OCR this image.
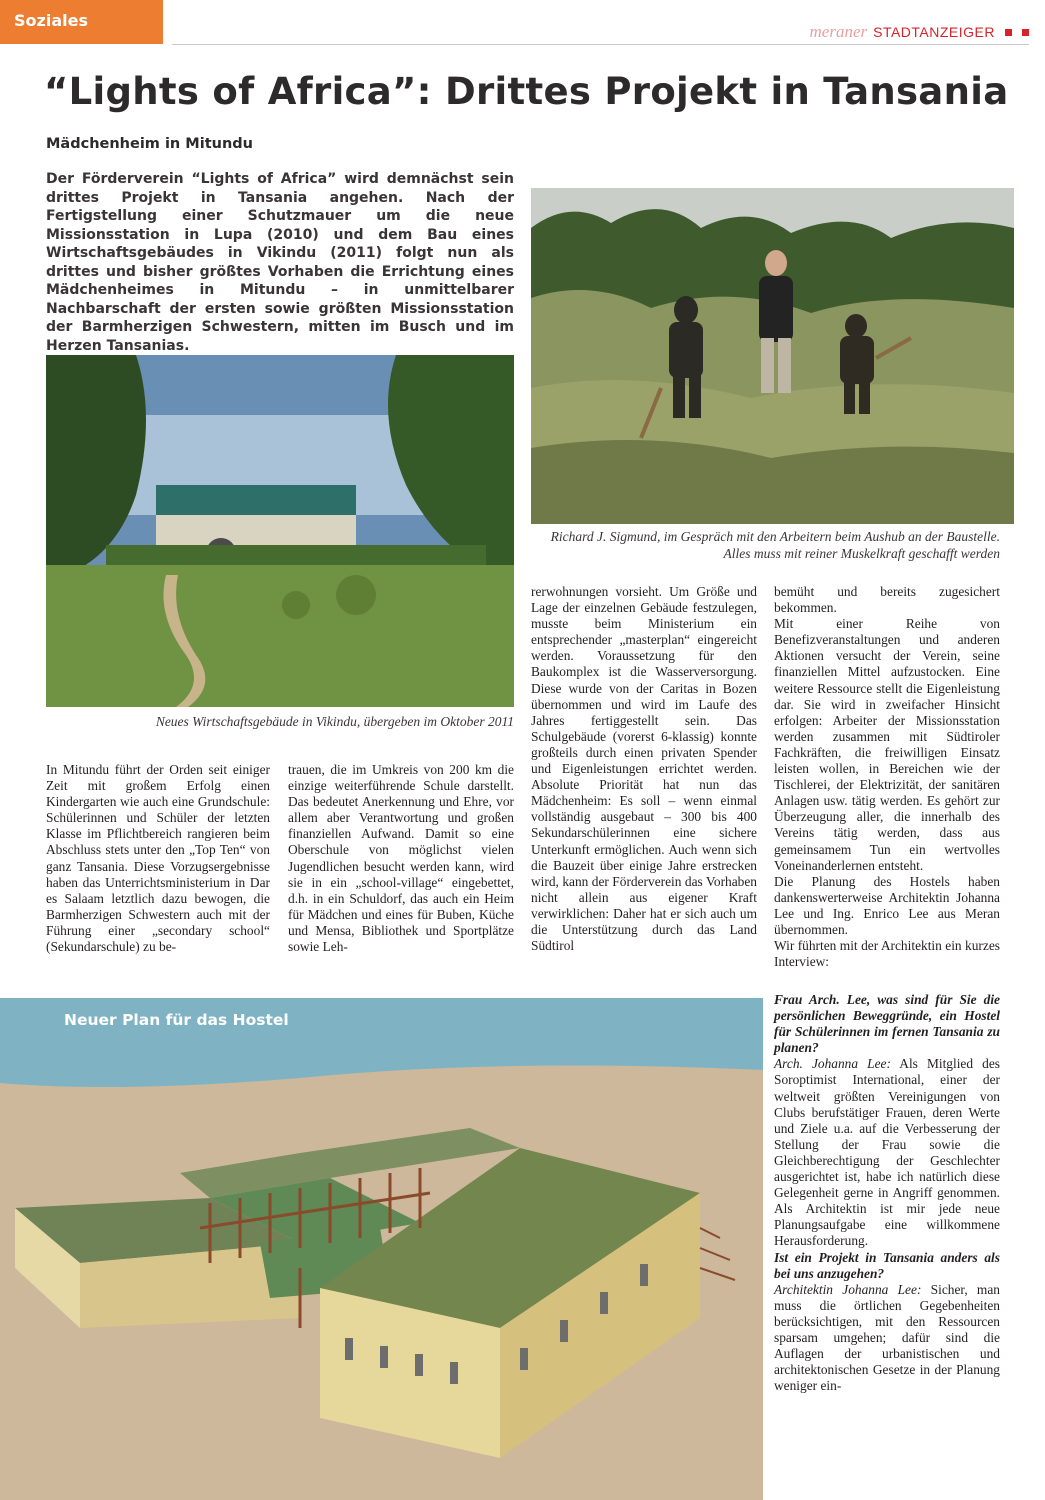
Soziales
meraner STADTANZEIGER
“Lights of Africa”: Drittes Projekt in Tansania

Mädchenheim in Mitundu

Der Förderverein “Lights of Africa” wird demnächst sein drittes Projekt in Tansania angehen. Nach der Fertigstellung einer Schutzmauer um die neue Missionsstation in Lupa (2010) und dem Bau eines Wirtschaftsgebäudes in Vikindu (2011) folgt nun als drittes und bisher größtes Vorhaben die Errichtung eines Mädchenheimes in Mitundu – in unmittelbarer Nachbarschaft der ersten sowie größten Missionsstation der Barmherzigen Schwestern, mitten im Busch und im Herzen Tansanias.

Richard J. Sigmund, im Gespräch mit den Arbeitern beim Aushub an der Baustelle. Alles muss mit reiner Muskelkraft geschafft werden

Neues Wirtschaftsgebäude in Vikindu, übergeben im Oktober 2011

In Mitundu führt der Orden seit einiger Zeit mit großem Erfolg einen Kindergarten wie auch eine Grundschule: Schülerinnen und Schüler der letzten Klasse im Pflichtbereich rangieren beim Abschluss stets unter den „Top Ten“ von ganz Tansania. Diese Vorzugsergebnisse haben das Unterrichtsministerium in Dar es Salaam letztlich dazu bewogen, die Barmherzigen Schwestern auch mit der Führung einer „secondary school“ (Sekundarschule) zu be-

trauen, die im Umkreis von 200 km die einzige weiterführende Schule darstellt. Das bedeutet Anerkennung und Ehre, vor allem aber Verantwortung und großen finanziellen Aufwand. Damit so eine Oberschule von möglichst vielen Jugendlichen besucht werden kann, wird sie in ein „school-village“ eingebettet, d.h. in ein Schuldorf, das auch ein Heim für Mädchen und eines für Buben, Küche und Mensa, Bibliothek und Sportplätze sowie Leh-

rerwohnungen vorsieht. Um Größe und Lage der einzelnen Gebäude festzulegen, musste beim Ministerium ein entsprechender „masterplan“ eingereicht werden. Voraussetzung für den Baukomplex ist die Wasserversorgung. Diese wurde von der Caritas in Bozen übernommen und wird im Laufe des Jahres fertiggestellt sein. Das Schulgebäude (vorerst 6-klassig) konnte großteils durch einen privaten Spender und Eigenleistungen errichtet werden. Absolute Priorität hat nun das Mädchenheim: Es soll – wenn einmal vollständig ausgebaut – 300 bis 400 Sekundarschülerinnen eine sichere Unterkunft ermöglichen. Auch wenn sich die Bauzeit über einige Jahre erstrecken wird, kann der Förderverein das Vorhaben nicht allein aus eigener Kraft verwirklichen: Daher hat er sich auch um die Unterstützung durch das Land Südtirol

bemüht und bereits zugesichert bekommen.

Mit einer Reihe von Benefizveranstaltungen und anderen Aktionen versucht der Verein, seine finanziellen Mittel aufzustocken. Eine weitere Ressource stellt die Eigenleistung dar. Sie wird in zweifacher Hinsicht erfolgen: Arbeiter der Missionsstation werden zusammen mit Südtiroler Fachkräften, die freiwilligen Einsatz leisten wollen, in Bereichen wie der Tischlerei, der Elektrizität, der sanitären Anlagen usw. tätig werden. Es gehört zur Überzeugung aller, die innerhalb des Vereins tätig werden, dass aus gemeinsamem Tun ein wertvolles Voneinanderlernen entsteht.

Die Planung des Hostels haben dankenswerterweise Architektin Johanna Lee und Ing. Enrico Lee aus Meran übernommen.

Wir führten mit der Architektin ein kurzes Interview:

Frau Arch. Lee, was sind für Sie die persönlichen Beweggründe, ein Hostel für Schülerinnen im fernen Tansania zu planen?

Arch. Johanna Lee: Als Mitglied des Soroptimist International, einer der weltweit größten Vereinigungen von Clubs berufstätiger Frauen, deren Werte und Ziele u.a. auf die Verbesserung der Stellung der Frau sowie die Gleichberechtigung der Geschlechter ausgerichtet ist, habe ich natürlich diese Gelegenheit gerne in Angriff genommen. Als Architektin ist mir jede neue Planungsaufgabe eine willkommene Herausforderung.

Ist ein Projekt in Tansania anders als bei uns anzugehen?

Architektin Johanna Lee: Sicher, man muss die örtlichen Gegebenheiten berücksichtigen, mit den Ressourcen sparsam umgehen; dafür sind die Auflagen der urbanistischen und architektonischen Gesetze in der Planung weniger ein-

Neuer Plan für das Hostel
